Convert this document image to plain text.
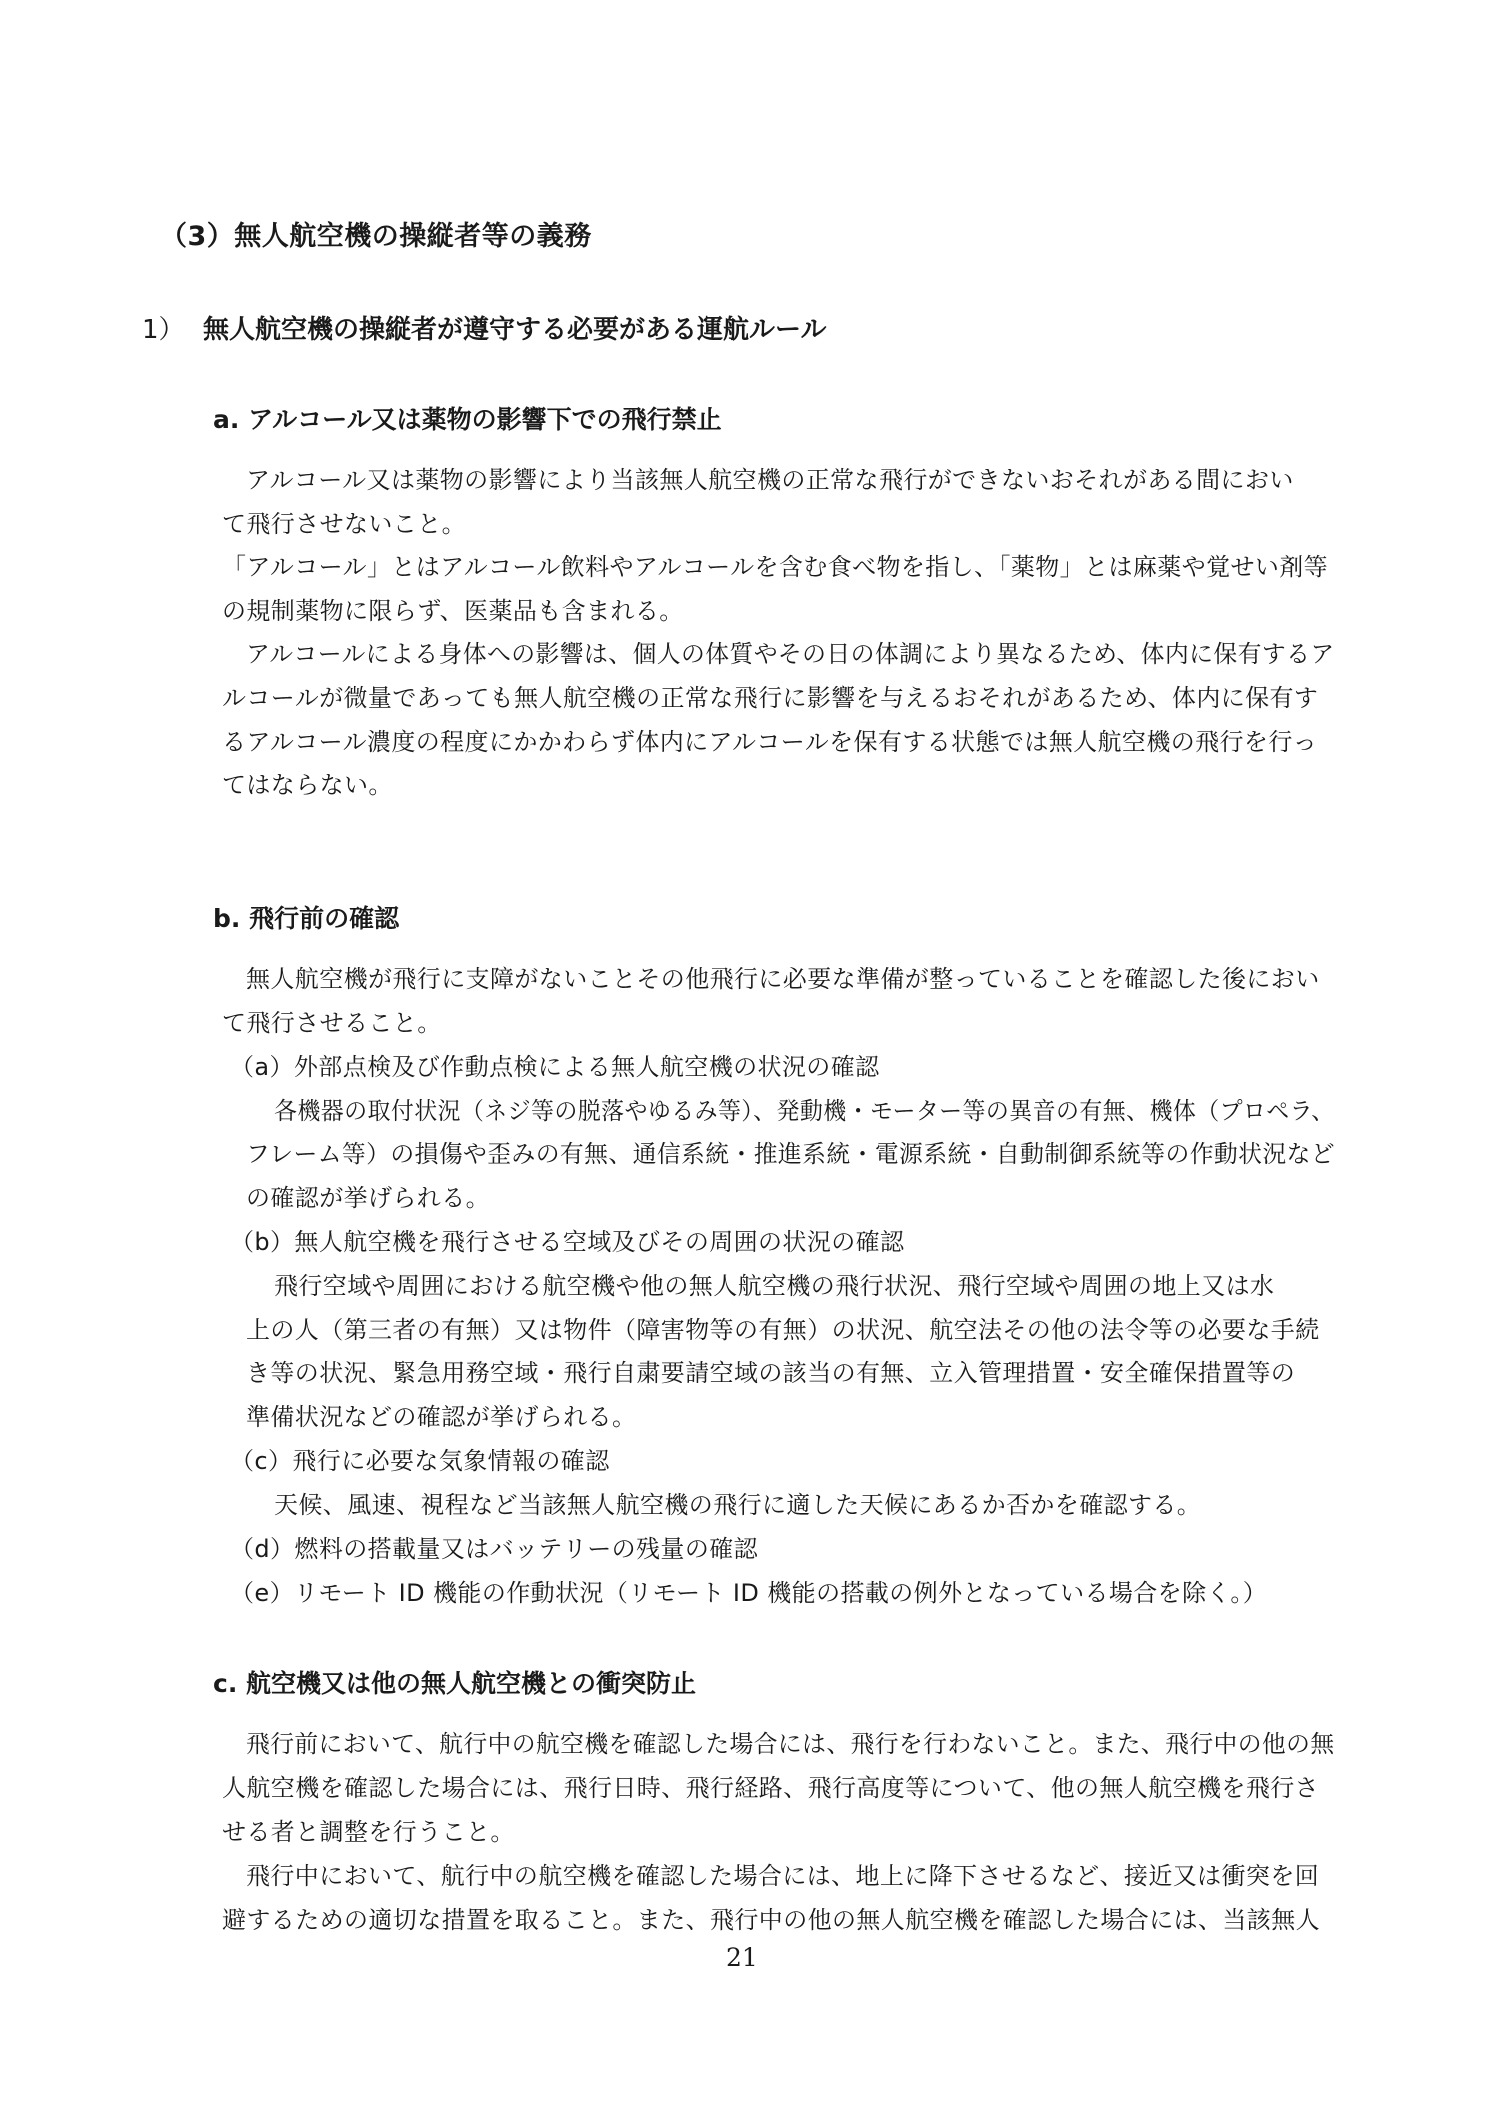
（3）無人航空機の操縦者等の義務
1） 無人航空機の操縦者が遵守する必要がある運航ルール
a. アルコール又は薬物の影響下での飛行禁止
アルコール又は薬物の影響により当該無人航空機の正常な飛行ができないおそれがある間におい
て飛行させないこと。
「アルコール」とはアルコール飲料やアルコールを含む食べ物を指し、「薬物」とは麻薬や覚せい剤等
の規制薬物に限らず、医薬品も含まれる。
アルコールによる身体への影響は、個人の体質やその日の体調により異なるため、体内に保有するア
ルコールが微量であっても無人航空機の正常な飛行に影響を与えるおそれがあるため、体内に保有す
るアルコール濃度の程度にかかわらず体内にアルコールを保有する状態では無人航空機の飛行を行っ
てはならない。
b. 飛行前の確認
無人航空機が飛行に支障がないことその他飛行に必要な準備が整っていることを確認した後におい
て飛行させること。
（a）外部点検及び作動点検による無人航空機の状況の確認
各機器の取付状況（ネジ等の脱落やゆるみ等）、発動機・モーター等の異音の有無、機体（プロペラ、
フレーム等）の損傷や歪みの有無、通信系統・推進系統・電源系統・自動制御系統等の作動状況など
の確認が挙げられる。
（b）無人航空機を飛行させる空域及びその周囲の状況の確認
飛行空域や周囲における航空機や他の無人航空機の飛行状況、飛行空域や周囲の地上又は水
上の人（第三者の有無）又は物件（障害物等の有無）の状況、航空法その他の法令等の必要な手続
き等の状況、緊急用務空域・飛行自粛要請空域の該当の有無、立入管理措置・安全確保措置等の
準備状況などの確認が挙げられる。
（c）飛行に必要な気象情報の確認
天候、風速、視程など当該無人航空機の飛行に適した天候にあるか否かを確認する。
（d）燃料の搭載量又はバッテリーの残量の確認
（e）リモート ID 機能の作動状況（リモート ID 機能の搭載の例外となっている場合を除く。）
c. 航空機又は他の無人航空機との衝突防止
飛行前において、航行中の航空機を確認した場合には、飛行を行わないこと。また、飛行中の他の無
人航空機を確認した場合には、飛行日時、飛行経路、飛行高度等について、他の無人航空機を飛行さ
せる者と調整を行うこと。
飛行中において、航行中の航空機を確認した場合には、地上に降下させるなど、接近又は衝突を回
避するための適切な措置を取ること。また、飛行中の他の無人航空機を確認した場合には、当該無人
21
